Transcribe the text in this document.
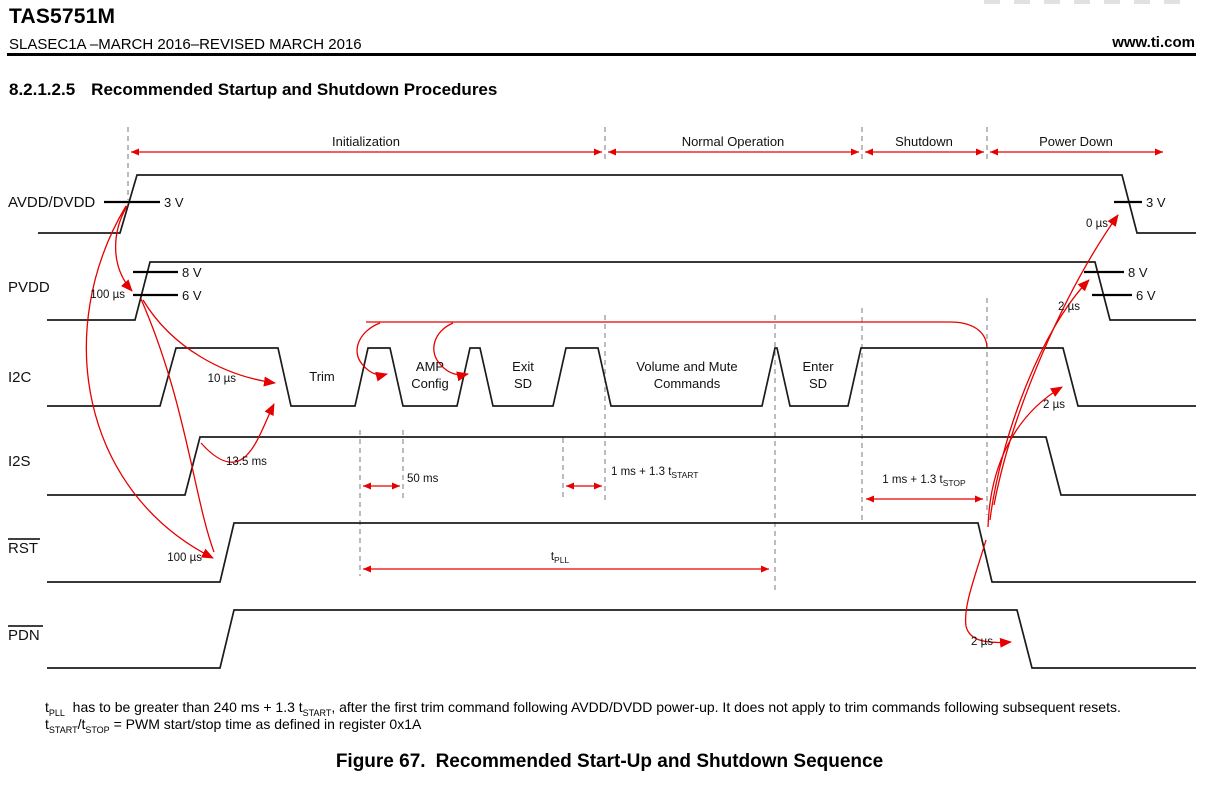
TAS5751M
SLASEC1A –MARCH 2016–REVISED MARCH 2016	www.ti.com
8.2.1.2.5 Recommended Startup and Shutdown Procedures
Initialization	Normal Operation	Shutdown	Power Down
AVDD/DVDD
PVDD
I2C
I2S
RST
PDN
3 V
8 V
6 V
3 V
8 V
6 V
Trim
AMP
Config
Exit
SD
Volume and Mute
Commands
Enter
SD
100 µs
10 µs
13.5 ms
50 ms
1 ms + 1.3 $t_{START}$	1 ms + 1.3 $t_{STOP}$
$t_{PLL}$
100 µs
2 µs
2 µs
0 µs
2 µs
$t_{PLL}$  has to be greater than 240 ms + 1.3 $t_{START}$, after the first trim command following AVDD/DVDD power-up. It does not apply to trim commands following subsequent resets.
$t_{START}/t_{STOP}$ = PWM start/stop time as defined in register 0x1A
Figure 67. Recommended Start-Up and Shutdown Sequence
